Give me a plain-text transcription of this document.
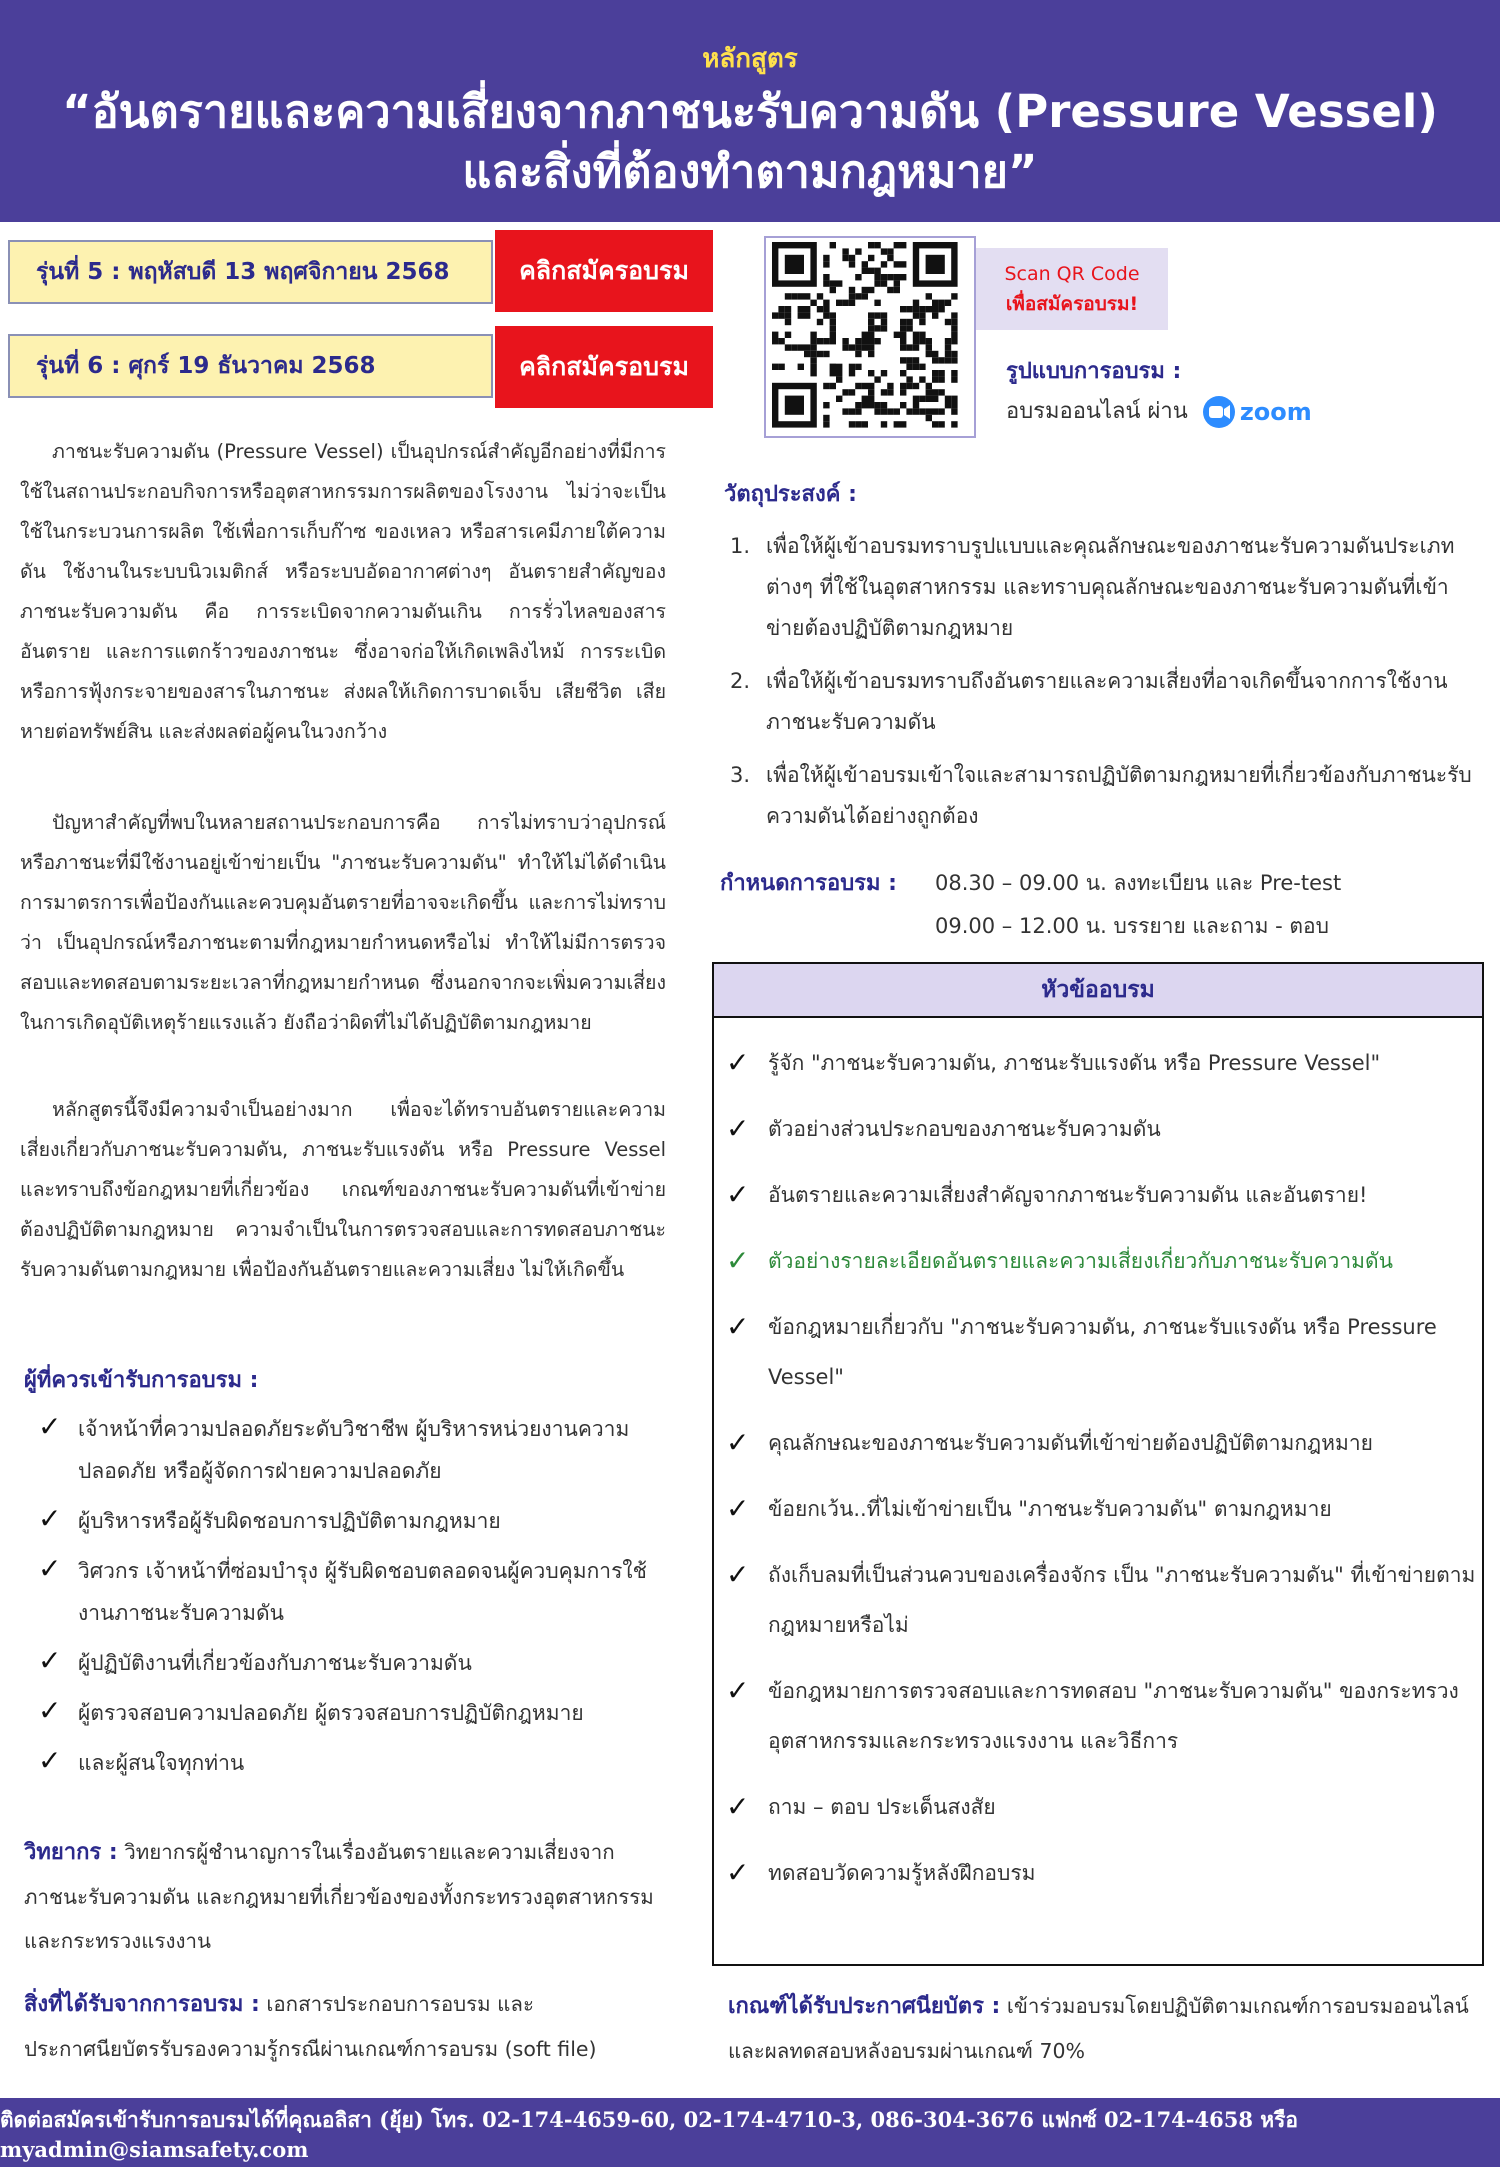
หลักสูตร
“อันตรายและความเสี่ยงจากภาชนะรับความดัน (Pressure Vessel)
และสิ่งที่ต้องทำตามกฎหมาย”
รุ่นที่ 5 : พฤหัสบดี 13 พฤศจิกายน 2568	คลิกสมัครอบรม
รุ่นที่ 6 : ศุกร์ 19 ธันวาคม 2568	คลิกสมัครอบรม
Scan QR Code
เพื่อสมัครอบรม!
รูปแบบการอบรม :
อบรมออนไลน์ ผ่าน zoom

ภาชนะรับความดัน (Pressure Vessel) เป็นอุปกรณ์สำคัญอีกอย่างที่มีการใช้ในสถานประกอบกิจการหรืออุตสาหกรรมการผลิตของโรงงาน ไม่ว่าจะเป็นใช้ในกระบวนการผลิต ใช้เพื่อการเก็บก๊าซ ของเหลว หรือสารเคมีภายใต้ความดัน ใช้งานในระบบนิวเมติกส์ หรือระบบอัดอากาศต่างๆ อันตรายสำคัญของภาชนะรับความดัน คือ การระเบิดจากความดันเกิน การรั่วไหลของสารอันตราย และการแตกร้าวของภาชนะ ซึ่งอาจก่อให้เกิดเพลิงไหม้ การระเบิด หรือการฟุ้งกระจายของสารในภาชนะ ส่งผลให้เกิดการบาดเจ็บ เสียชีวิต เสียหายต่อทรัพย์สิน และส่งผลต่อผู้คนในวงกว้าง

ปัญหาสำคัญที่พบในหลายสถานประกอบการคือ การไม่ทราบว่าอุปกรณ์หรือภาชนะที่มีใช้งานอยู่เข้าข่ายเป็น "ภาชนะรับความดัน" ทำให้ไม่ได้ดำเนินการมาตรการเพื่อป้องกันและควบคุมอันตรายที่อาจจะเกิดขึ้น และการไม่ทราบว่า เป็นอุปกรณ์หรือภาชนะตามที่กฎหมายกำหนดหรือไม่ ทำให้ไม่มีการตรวจสอบและทดสอบตามระยะเวลาที่กฎหมายกำหนด ซึ่งนอกจากจะเพิ่มความเสี่ยงในการเกิดอุบัติเหตุร้ายแรงแล้ว ยังถือว่าผิดที่ไม่ได้ปฏิบัติตามกฎหมาย

หลักสูตรนี้จึงมีความจำเป็นอย่างมาก เพื่อจะได้ทราบอันตรายและความเสี่ยงเกี่ยวกับภาชนะรับความดัน, ภาชนะรับแรงดัน หรือ Pressure Vessel และทราบถึงข้อกฎหมายที่เกี่ยวข้อง เกณฑ์ของภาชนะรับความดันที่เข้าข่ายต้องปฏิบัติตามกฎหมาย ความจำเป็นในการตรวจสอบและการทดสอบภาชนะรับความดันตามกฎหมาย เพื่อป้องกันอันตรายและความเสี่ยง ไม่ให้เกิดขึ้น

ผู้ที่ควรเข้ารับการอบรม :
✓ เจ้าหน้าที่ความปลอดภัยระดับวิชาชีพ ผู้บริหารหน่วยงานความปลอดภัย หรือผู้จัดการฝ่ายความปลอดภัย
✓ ผู้บริหารหรือผู้รับผิดชอบการปฏิบัติตามกฎหมาย
✓ วิศวกร เจ้าหน้าที่ซ่อมบำรุง ผู้รับผิดชอบตลอดจนผู้ควบคุมการใช้งานภาชนะรับความดัน
✓ ผู้ปฏิบัติงานที่เกี่ยวข้องกับภาชนะรับความดัน
✓ ผู้ตรวจสอบความปลอดภัย ผู้ตรวจสอบการปฏิบัติกฎหมาย
✓ และผู้สนใจทุกท่าน
วิทยากร : วิทยากรผู้ชำนาญการในเรื่องอันตรายและความเสี่ยงจากภาชนะรับความดัน และกฎหมายที่เกี่ยวข้องของทั้งกระทรวงอุตสาหกรรมและกระทรวงแรงงาน
สิ่งที่ได้รับจากการอบรม : เอกสารประกอบการอบรม และประกาศนียบัตรรับรองความรู้กรณีผ่านเกณฑ์การอบรม (soft file)
วัตถุประสงค์ :
1. เพื่อให้ผู้เข้าอบรมทราบรูปแบบและคุณลักษณะของภาชนะรับความดันประเภทต่างๆ ที่ใช้ในอุตสาหกรรม และทราบคุณลักษณะของภาชนะรับความดันที่เข้าข่ายต้องปฏิบัติตามกฎหมาย
2. เพื่อให้ผู้เข้าอบรมทราบถึงอันตรายและความเสี่ยงที่อาจเกิดขึ้นจากการใช้งานภาชนะรับความดัน
3. เพื่อให้ผู้เข้าอบรมเข้าใจและสามารถปฏิบัติตามกฎหมายที่เกี่ยวข้องกับภาชนะรับความดันได้อย่างถูกต้อง
กำหนดการอบรม : 08.30 – 09.00 น. ลงทะเบียน และ Pre-test
09.00 – 12.00 น. บรรยาย และถาม - ตอบ
หัวข้ออบรม
✓ รู้จัก "ภาชนะรับความดัน, ภาชนะรับแรงดัน หรือ Pressure Vessel"
✓ ตัวอย่างส่วนประกอบของภาชนะรับความดัน
✓ อันตรายและความเสี่ยงสำคัญจากภาชนะรับความดัน และอันตราย!
✓ ตัวอย่างรายละเอียดอันตรายและความเสี่ยงเกี่ยวกับภาชนะรับความดัน
✓ ข้อกฎหมายเกี่ยวกับ "ภาชนะรับความดัน, ภาชนะรับแรงดัน หรือ Pressure Vessel"
✓ คุณลักษณะของภาชนะรับความดันที่เข้าข่ายต้องปฏิบัติตามกฎหมาย
✓ ข้อยกเว้น..ที่ไม่เข้าข่ายเป็น "ภาชนะรับความดัน" ตามกฎหมาย
✓ ถังเก็บลมที่เป็นส่วนควบของเครื่องจักร เป็น "ภาชนะรับความดัน" ที่เข้าข่ายตามกฎหมายหรือไม่
✓ ข้อกฎหมายการตรวจสอบและการทดสอบ "ภาชนะรับความดัน" ของกระทรวงอุตสาหกรรมและกระทรวงแรงงาน และวิธีการ
✓ ถาม – ตอบ ประเด็นสงสัย
✓ ทดสอบวัดความรู้หลังฝึกอบรม
เกณฑ์ได้รับประกาศนียบัตร : เข้าร่วมอบรมโดยปฏิบัติตามเกณฑ์การอบรมออนไลน์และผลทดสอบหลังอบรมผ่านเกณฑ์ 70%
ติดต่อสมัครเข้ารับการอบรมได้ที่คุณอลิสา (ยุ้ย) โทร. 02-174-4659-60, 02-174-4710-3, 086-304-3676 แฟกซ์ 02-174-4658 หรือ myadmin@siamsafety.com
